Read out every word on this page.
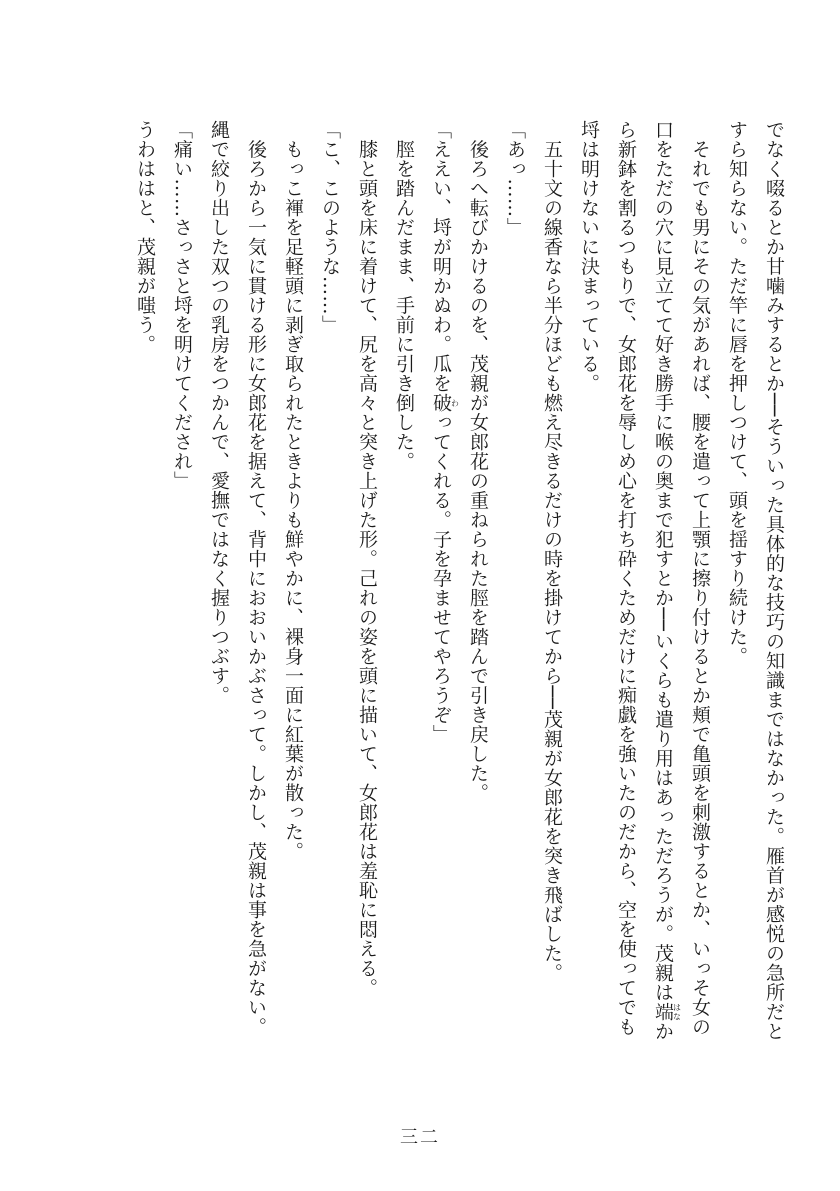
でなく啜るとか甘噛みするとか──そういった具体的な技巧の知識まではなかった。雁首が感悦の急所だとすら知らない。ただ竿に唇を押しつけて、頭を揺すり続けた。

　それでも男にその気があれば、腰を遣って上顎に擦り付けるとか頬で亀頭を刺激するとか、いっそ女の口をただの穴に見立てて好き勝手に喉の奥まで犯すとか──いくらも遣り用はあっただろうが。茂親は端はなから新鉢を割るつもりで、女郎花を辱しめ心を打ち砕くためだけに痴戯を強いたのだから、空を使ってでも埒は明けないに決まっている。

　五十文の線香なら半分ほども燃え尽きるだけの時を掛けてから──茂親が女郎花を突き飛ばした。

「あっ……」

　後ろへ転びかけるのを、茂親が女郎花の重ねられた脛を踏んで引き戻した。

「ええい、埒が明かぬわ。瓜を破わってくれる。子を孕ませてやろうぞ」

　脛を踏んだまま、手前に引き倒した。

　膝と頭を床に着けて、尻を高々と突き上げた形。己れの姿を頭に描いて、女郎花は羞恥に悶える。

「こ、このような……」

　もっこ褌を足軽頭に剥ぎ取られたときよりも鮮やかに、裸身一面に紅葉が散った。

　後ろから一気に貫ける形に女郎花を据えて、背中におおいかぶさって。しかし、茂親は事を急がない。縄で絞り出した双つの乳房をつかんで、愛撫ではなく握りつぶす。

「痛い……さっさと埒を明けてくだされ」

うわははと、茂親が嗤う。

三二
